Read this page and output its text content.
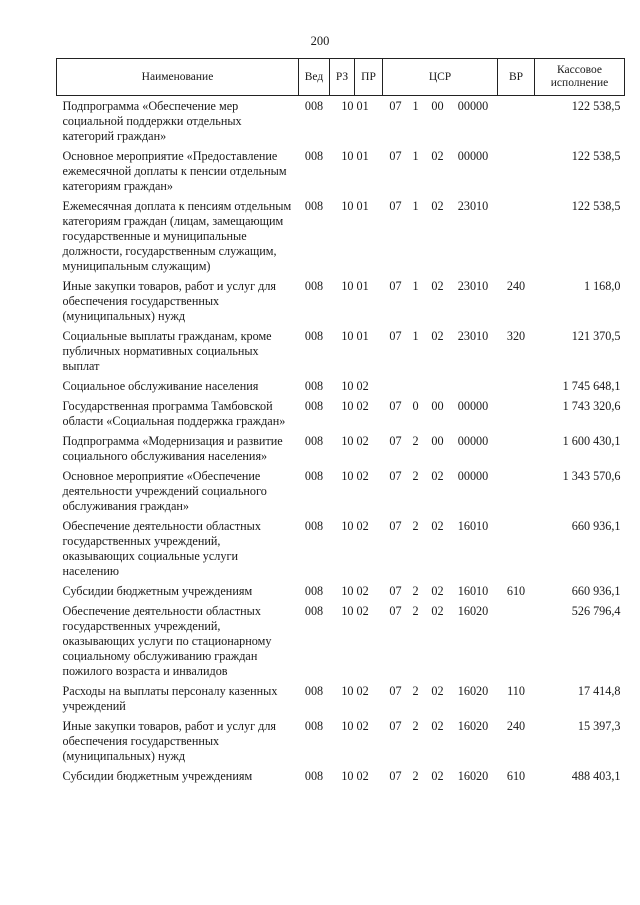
200
Наименование	Вед	РЗ	ПР	ЦСР	ВР	Кассовое исполнение
Подпрограмма «Обеспечение мер социальной поддержки отдельных категорий граждан»	008	10	01	07 1 00 00000		122 538,5
Основное мероприятие «Предоставление ежемесячной доплаты к пенсии отдельным категориям граждан»	008	10	01	07 1 02 00000		122 538,5
Ежемесячная доплата к пенсиям отдельным категориям граждан (лицам, замещающим государственные и муниципальные должности, государственным служащим, муниципальным служащим)	008	10	01	07 1 02 23010		122 538,5
Иные закупки товаров, работ и услуг для обеспечения государственных (муниципальных) нужд	008	10	01	07 1 02 23010	240	1 168,0
Социальные выплаты гражданам, кроме публичных нормативных социальных выплат	008	10	01	07 1 02 23010	320	121 370,5
Социальное обслуживание населения	008	10	02			1 745 648,1
Государственная программа Тамбовской области «Социальная поддержка граждан»	008	10	02	07 0 00 00000		1 743 320,6
Подпрограмма «Модернизация и развитие социального обслуживания населения»	008	10	02	07 2 00 00000		1 600 430,1
Основное мероприятие «Обеспечение деятельности учреждений социального обслуживания граждан»	008	10	02	07 2 02 00000		1 343 570,6
Обеспечение деятельности областных государственных учреждений, оказывающих социальные услуги населению	008	10	02	07 2 02 16010		660 936,1
Субсидии бюджетным учреждениям	008	10	02	07 2 02 16010	610	660 936,1
Обеспечение деятельности областных государственных учреждений, оказывающих услуги по стационарному социальному обслуживанию граждан пожилого возраста и инвалидов	008	10	02	07 2 02 16020		526 796,4
Расходы на выплаты персоналу казенных учреждений	008	10	02	07 2 02 16020	110	17 414,8
Иные закупки товаров, работ и услуг для обеспечения государственных (муниципальных) нужд	008	10	02	07 2 02 16020	240	15 397,3
Субсидии бюджетным учреждениям	008	10	02	07 2 02 16020	610	488 403,1
